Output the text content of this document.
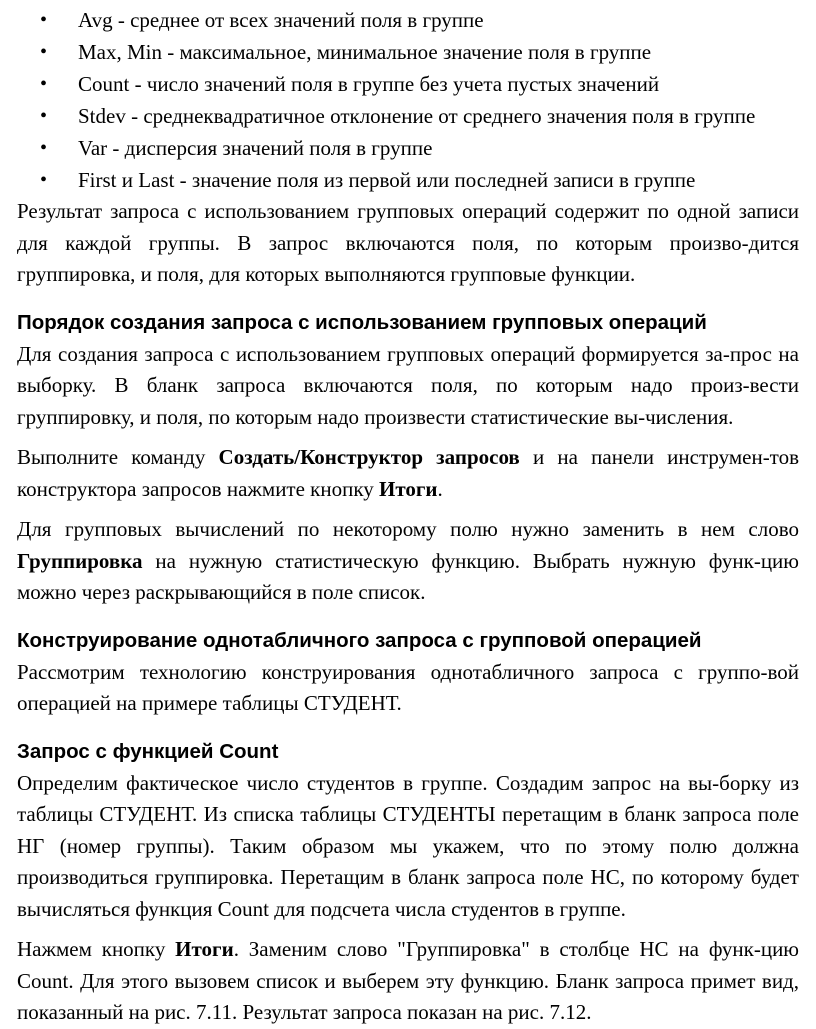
• Avg - среднее от всех значений поля в группе
• Max, Min - максимальное, минимальное значение поля в группе
• Count - число значений поля в группе без учета пустых значений
• Stdev - среднеквадратичное отклонение от среднего значения поля в группе
• Var - дисперсия значений поля в группе
• First и Last - значение поля из первой или последней записи в группе

Результат запроса с использованием групповых операций содержит по одной записи для каждой группы. В запрос включаются поля, по которым произво-дится группировка, и поля, для которых выполняются групповые функции.

Порядок создания запроса с использованием групповых операций

Для создания запроса с использованием групповых операций формируется за-прос на выборку. В бланк запроса включаются поля, по которым надо произ-вести группировку, и поля, по которым надо произвести статистические вы-числения.

Выполните команду Создать/Конструктор запросов и на панели инструмен-тов конструктора запросов нажмите кнопку Итоги.

Для групповых вычислений по некоторому полю нужно заменить в нем слово Группировка на нужную статистическую функцию. Выбрать нужную функ-цию можно через раскрывающийся в поле список.

Конструирование однотабличного запроса с групповой операцией

Рассмотрим технологию конструирования однотабличного запроса с группо-вой операцией на примере таблицы СТУДЕНТ.

Запрос с функцией Count

Определим фактическое число студентов в группе. Создадим запрос на вы-борку из таблицы СТУДЕНТ. Из списка таблицы СТУДЕНТЫ перетащим в бланк запроса поле НГ (номер группы). Таким образом мы укажем, что по этому полю должна производиться группировка. Перетащим в бланк запроса поле НС, по которому будет вычисляться функция Count для подсчета числа студентов в группе.

Нажмем кнопку Итоги. Заменим слово "Группировка" в столбце НС на функ-цию Count. Для этого вызовем список и выберем эту функцию. Бланк запроса примет вид, показанный на рис. 7.11. Результат запроса показан на рис. 7.12.
